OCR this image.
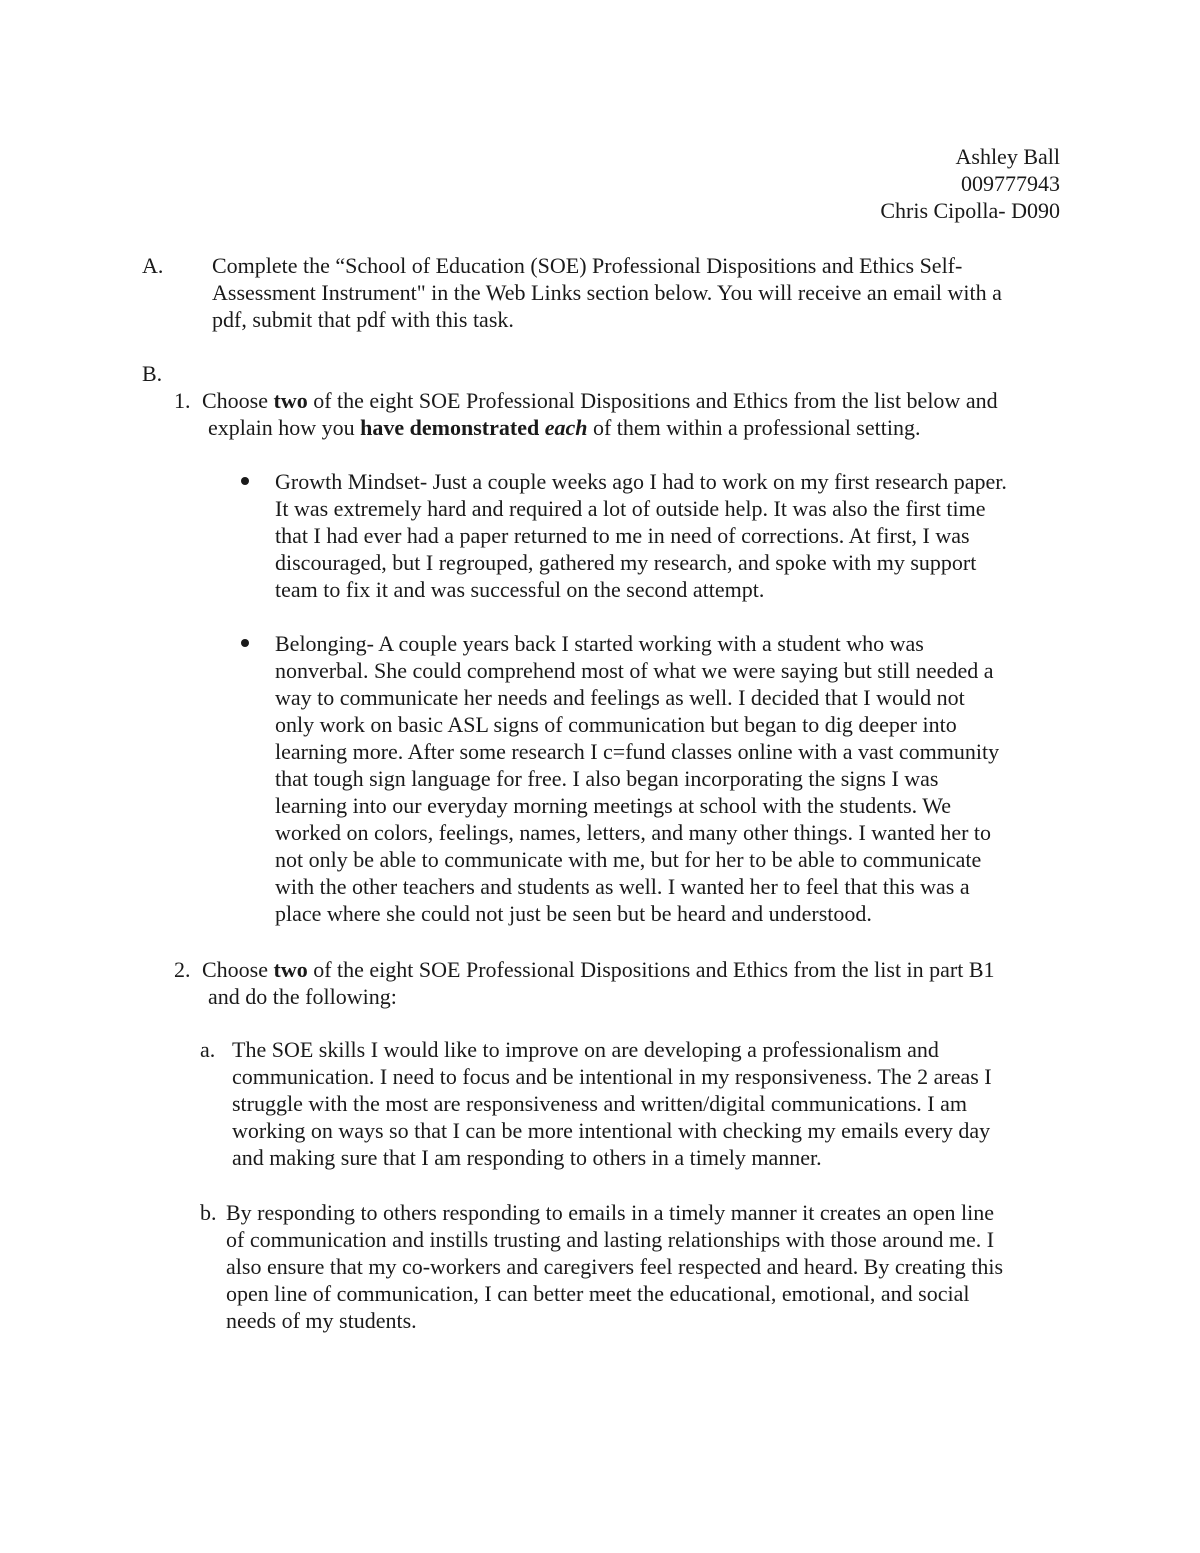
Ashley Ball
009777943
Chris Cipolla- D090
A. Complete the “School of Education (SOE) Professional Dispositions and Ethics Self-
Assessment Instrument" in the Web Links section below. You will receive an email with a
pdf, submit that pdf with this task.
B.
1. Choose two of the eight SOE Professional Dispositions and Ethics from the list below and
explain how you have demonstrated each of them within a professional setting.
Growth Mindset- Just a couple weeks ago I had to work on my first research paper.
It was extremely hard and required a lot of outside help. It was also the first time
that I had ever had a paper returned to me in need of corrections. At first, I was
discouraged, but I regrouped, gathered my research, and spoke with my support
team to fix it and was successful on the second attempt.
Belonging- A couple years back I started working with a student who was
nonverbal. She could comprehend most of what we were saying but still needed a
way to communicate her needs and feelings as well. I decided that I would not
only work on basic ASL signs of communication but began to dig deeper into
learning more. After some research I c=fund classes online with a vast community
that tough sign language for free. I also began incorporating the signs I was
learning into our everyday morning meetings at school with the students. We
worked on colors, feelings, names, letters, and many other things. I wanted her to
not only be able to communicate with me, but for her to be able to communicate
with the other teachers and students as well. I wanted her to feel that this was a
place where she could not just be seen but be heard and understood.
2. Choose two of the eight SOE Professional Dispositions and Ethics from the list in part B1
and do the following:
a. The SOE skills I would like to improve on are developing a professionalism and
communication. I need to focus and be intentional in my responsiveness. The 2 areas I
struggle with the most are responsiveness and written/digital communications. I am
working on ways so that I can be more intentional with checking my emails every day
and making sure that I am responding to others in a timely manner.
b. By responding to others responding to emails in a timely manner it creates an open line
of communication and instills trusting and lasting relationships with those around me. I
also ensure that my co-workers and caregivers feel respected and heard. By creating this
open line of communication, I can better meet the educational, emotional, and social
needs of my students.
